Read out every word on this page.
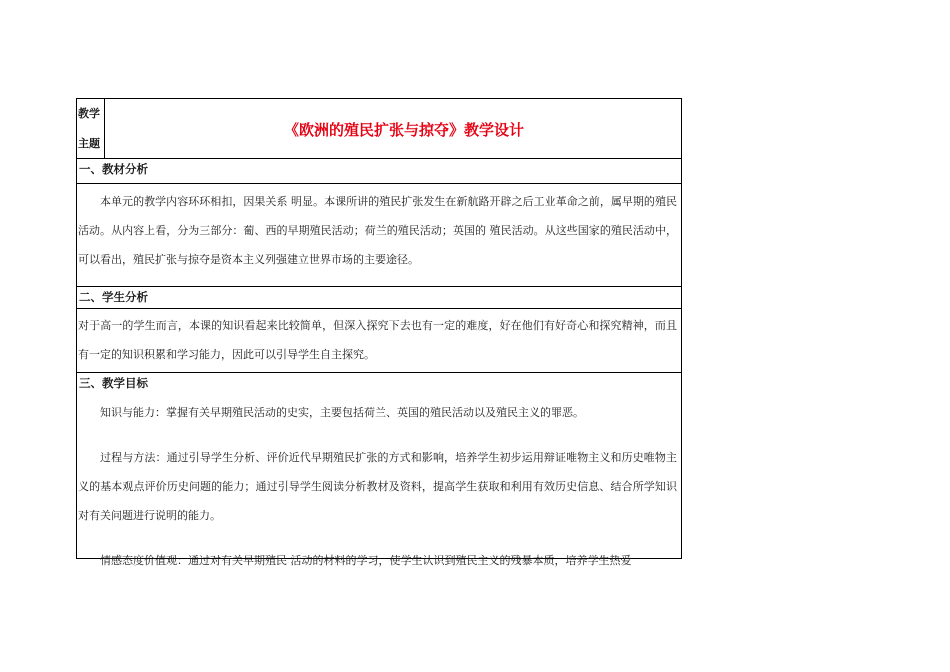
教学
主题
《欧洲的殖民扩张与掠夺》教学设计
一、教材分析
本单元的教学内容环环相扣，因果关系 明显。本课所讲的殖民扩张发生在新航路开辟之后工业革命之前，属早期的殖民活动。从内容上看，分为三部分：葡、西的早期殖民活动；荷兰的殖民活动；英国的 殖民活动。从这些国家的殖民活动中，可以看出，殖民扩张与掠夺是资本主义列强建立世界市场的主要途径。
二、学生分析
对于高一的学生而言，本课的知识看起来比较简单，但深入探究下去也有一定的难度，好在他们有好奇心和探究精神，而且有一定的知识积累和学习能力，因此可以引导学生自主探究。
三、教学目标
知识与能力：掌握有关早期殖民活动的史实，主要包括荷兰、英国的殖民活动以及殖民主义的罪恶。
过程与方法：通过引导学生分析、评价近代早期殖民扩张的方式和影响，培养学生初步运用辩证唯物主义和历史唯物主义的基本观点评价历史问题的能力；通过引导学生阅读分析教材及资料，提高学生获取和利用有效历史信息、结合所学知识对有关问题进行说明的能力。
情感态度价值观：通过对有关早期殖民 活动的材料的学习，使学生认识到殖民主义的残暴本质，培养学生热爱
